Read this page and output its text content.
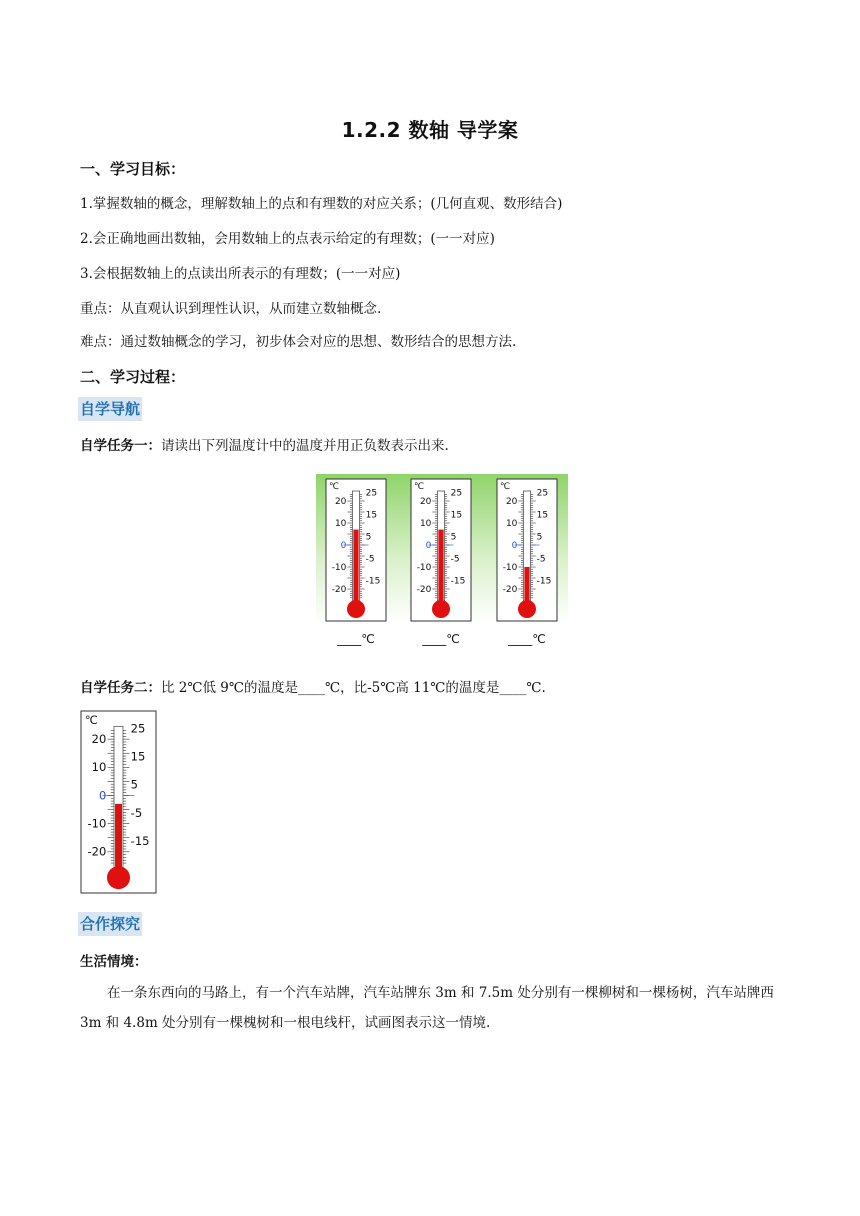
1.2.2 数轴 导学案
一、学习目标：
1.掌握数轴的概念，理解数轴上的点和有理数的对应关系；(几何直观、数形结合)
2.会正确地画出数轴，会用数轴上的点表示给定的有理数；(一一对应)
3.会根据数轴上的点读出所表示的有理数；(一一对应)
重点：从直观认识到理性认识，从而建立数轴概念.
难点：通过数轴概念的学习，初步体会对应的思想、数形结合的思想方法.
二、学习过程：
自学导航
自学任务一：请读出下列温度计中的温度并用正负数表示出来.
℃
20
10
0
-10
-20
25
15
5
-5
-15
____℃
℃
20
10
0
-10
-20
25
15
5
-5
-15
____℃
℃
20
10
0
-10
-20
25
15
5
-5
-15
____℃
自学任务二：比 2℃低 9℃的温度是____℃，比-5℃高 11℃的温度是____℃.
℃
20
10
0
-10
-20
25
15
5
-5
-15
合作探究
生活情境：
在一条东西向的马路上，有一个汽车站牌，汽车站牌东 3m 和 7.5m 处分别有一棵柳树和一棵杨树，汽车站牌西 3m 和 4.8m 处分别有一棵槐树和一根电线杆，试画图表示这一情境.
